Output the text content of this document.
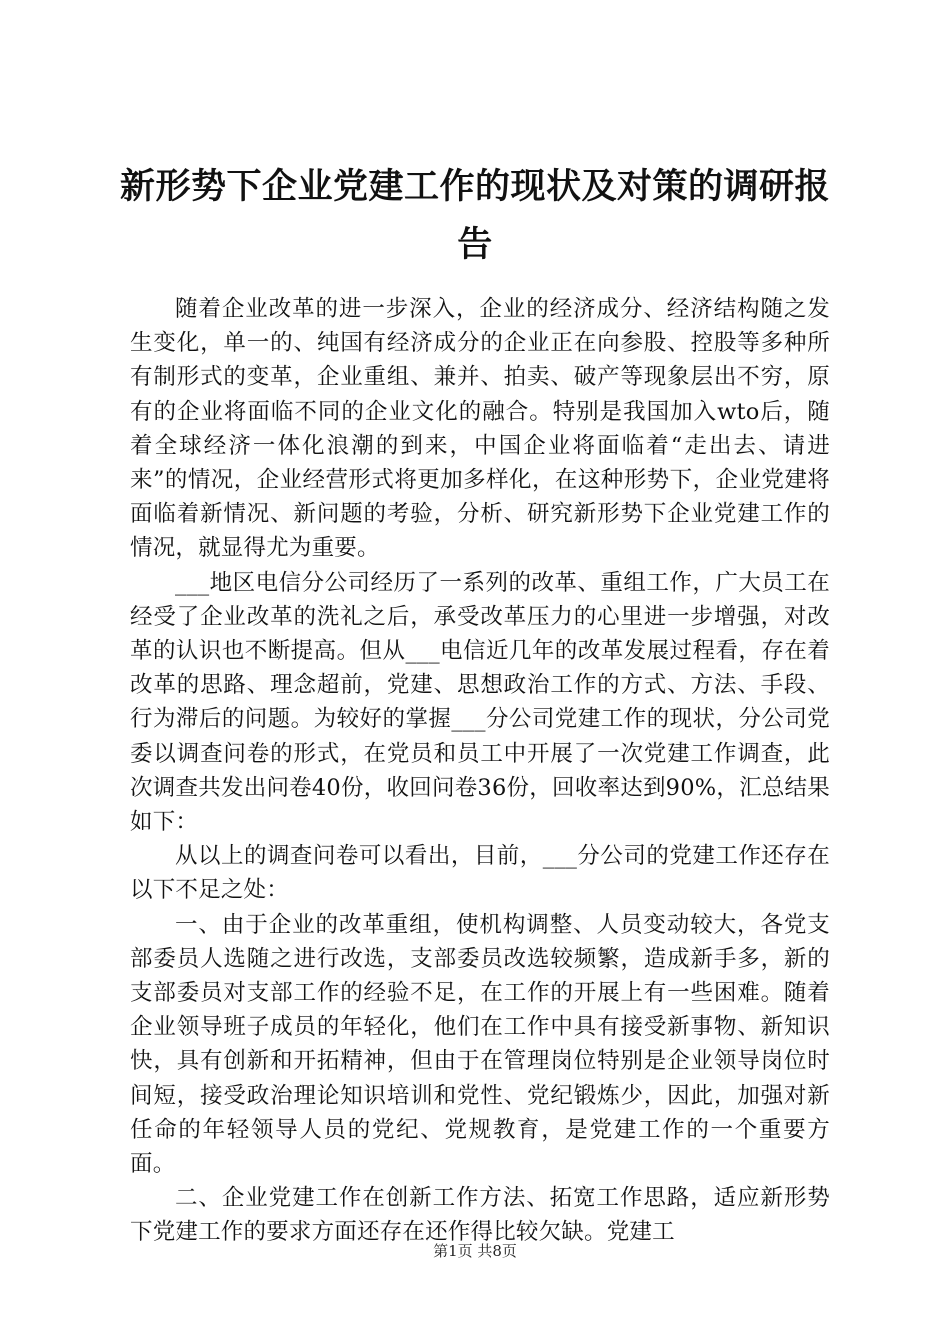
新形势下企业党建工作的现状及对策的调研报告

随着企业改革的进一步深入，企业的经济成分、经济结构随之发生变化，单一的、纯国有经济成分的企业正在向参股、控股等多种所有制形式的变革，企业重组、兼并、拍卖、破产等现象层出不穷，原有的企业将面临不同的企业文化的融合。特别是我国加入wto后，随着全球经济一体化浪潮的到来，中国企业将面临着“走出去、请进来”的情况，企业经营形式将更加多样化，在这种形势下，企业党建将面临着新情况、新问题的考验，分析、研究新形势下企业党建工作的情况，就显得尤为重要。

___地区电信分公司经历了一系列的改革、重组工作，广大员工在经受了企业改革的洗礼之后，承受改革压力的心里进一步增强，对改革的认识也不断提高。但从___电信近几年的改革发展过程看，存在着改革的思路、理念超前，党建、思想政治工作的方式、方法、手段、行为滞后的问题。为较好的掌握___分公司党建工作的现状，分公司党委以调查问卷的形式，在党员和员工中开展了一次党建工作调查，此次调查共发出问卷40份，收回问卷36份，回收率达到90%，汇总结果如下：

从以上的调查问卷可以看出，目前，___分公司的党建工作还存在以下不足之处：

一、由于企业的改革重组，使机构调整、人员变动较大，各党支部委员人选随之进行改选，支部委员改选较频繁，造成新手多，新的支部委员对支部工作的经验不足，在工作的开展上有一些困难。随着企业领导班子成员的年轻化，他们在工作中具有接受新事物、新知识快，具有创新和开拓精神，但由于在管理岗位特别是企业领导岗位时间短，接受政治理论知识培训和党性、党纪锻炼少，因此，加强对新任命的年轻领导人员的党纪、党规教育，是党建工作的一个重要方面。

二、企业党建工作在创新工作方法、拓宽工作思路，适应新形势下党建工作的要求方面还存在还作得比较欠缺。党建工

第1页 共8页
